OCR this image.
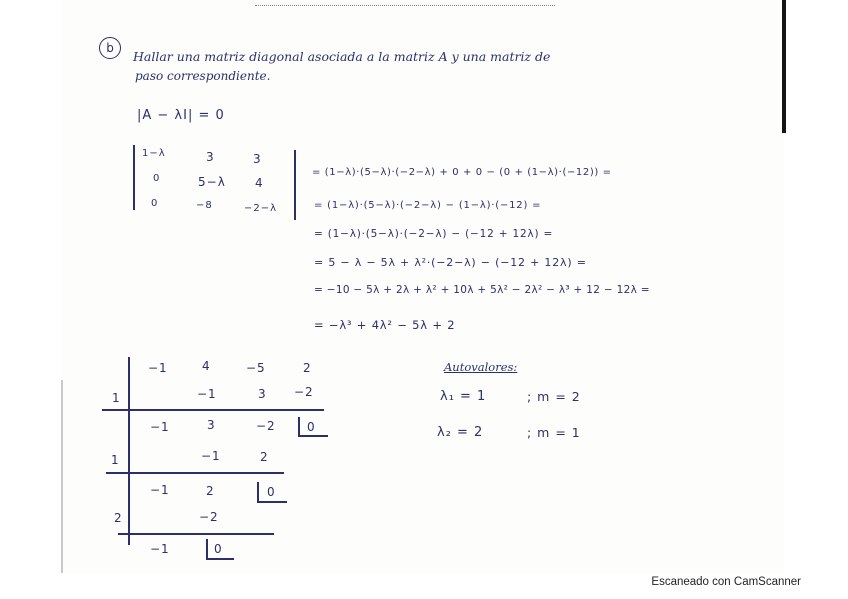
b
Hallar una matriz diagonal asociada a la matriz A y una matriz de
paso correspondiente.
|A − λI| = 0
1−λ	3	3
0	5−λ 4
0	−8	−2−λ
= (1−λ)·(5−λ)·(−2−λ) + 0 + 0 − (0 + (1−λ)·(−12)) =
= (1−λ)·(5−λ)·(−2−λ) − (1−λ)·(−12) =
= (1−λ)·(5−λ)·(−2−λ) − (−12 + 12λ) =
= 5 − λ − 5λ + λ²·(−2−λ) − (−12 + 12λ) =
= −10 − 5λ + 2λ + λ² + 10λ + 5λ² − 2λ² − λ³ + 12 − 12λ =
= −λ³ + 4λ² − 5λ + 2
−1	4	−5	2
1	−1	3 −2
−1	3	−2	0
1	−1	2
−1	2	0
2	−2
−1	0
Autovalores:
λ₁ = 1	; m = 2
λ₂ = 2	; m = 1
Escaneado con CamScanner
